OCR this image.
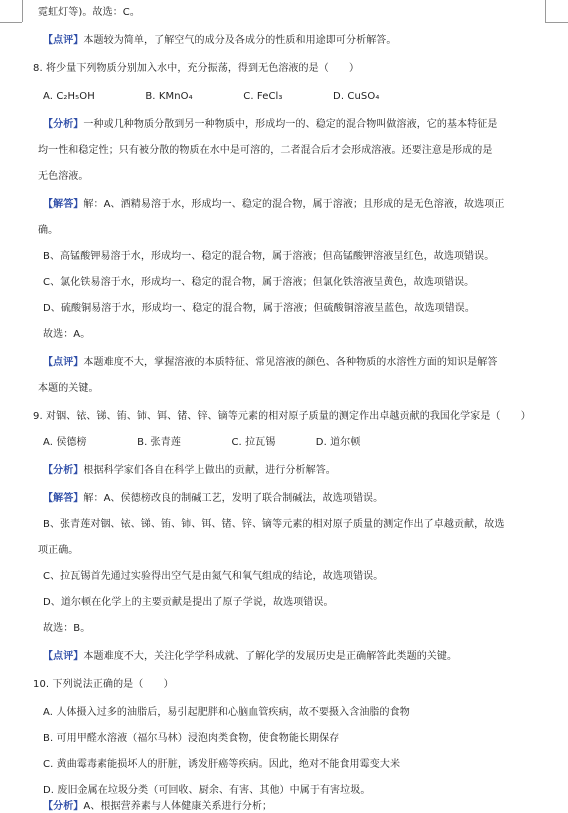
霓虹灯等)。故选：C。
【点评】本题较为简单，了解空气的成分及各成分的性质和用途即可分析解答。
8. 将少量下列物质分别加入水中，充分振荡，得到无色溶液的是（　　）
A. C₂H₅OH　　　　　B. KMnO₄　　　　　C. FeCl₃　　　　　D. CuSO₄
【分析】一种或几种物质分散到另一种物质中，形成均一的、稳定的混合物叫做溶液，它的基本特征是
均一性和稳定性；只有被分散的物质在水中是可溶的，二者混合后才会形成溶液。还要注意是形成的是
无色溶液。
【解答】解：A、酒精易溶于水，形成均一、稳定的混合物，属于溶液；且形成的是无色溶液，故选项正
确。
B、高锰酸钾易溶于水，形成均一、稳定的混合物，属于溶液；但高锰酸钾溶液呈红色，故选项错误。
C、氯化铁易溶于水，形成均一、稳定的混合物，属于溶液；但氯化铁溶液呈黄色，故选项错误。
D、硫酸铜易溶于水，形成均一、稳定的混合物，属于溶液；但硫酸铜溶液呈蓝色，故选项错误。
故选：A。
【点评】本题难度不大，掌握溶液的本质特征、常见溶液的颜色、各种物质的水溶性方面的知识是解答
本题的关键。
9. 对铟、铱、锑、铕、铈、铒、锗、锌、镝等元素的相对原子质量的测定作出卓越贡献的我国化学家是（　　）
A. 侯德榜　　　　　B. 张青莲　　　　　C. 拉瓦锡　　　　D. 道尔顿
【分析】根据科学家们各自在科学上做出的贡献，进行分析解答。
【解答】解：A、侯德榜改良的制碱工艺，发明了联合制碱法，故选项错误。
B、张青莲对铟、铱、锑、铕、铈、铒、锗、锌、镝等元素的相对原子质量的测定作出了卓越贡献，故选
项正确。
C、拉瓦锡首先通过实验得出空气是由氮气和氧气组成的结论，故选项错误。
D、道尔顿在化学上的主要贡献是提出了原子学说，故选项错误。
故选：B。
【点评】本题难度不大，关注化学学科成就、了解化学的发展历史是正确解答此类题的关键。
10. 下列说法正确的是（　　）
A. 人体摄入过多的油脂后，易引起肥胖和心脑血管疾病，故不要摄入含油脂的食物
B. 可用甲醛水溶液（福尔马林）浸泡肉类食物，使食物能长期保存
C. 黄曲霉毒素能损坏人的肝脏，诱发肝癌等疾病。因此，绝对不能食用霉变大米
D. 废旧金属在垃圾分类（可回收、厨余、有害、其他）中属于有害垃圾。
【分析】A、根据营养素与人体健康关系进行分析；
